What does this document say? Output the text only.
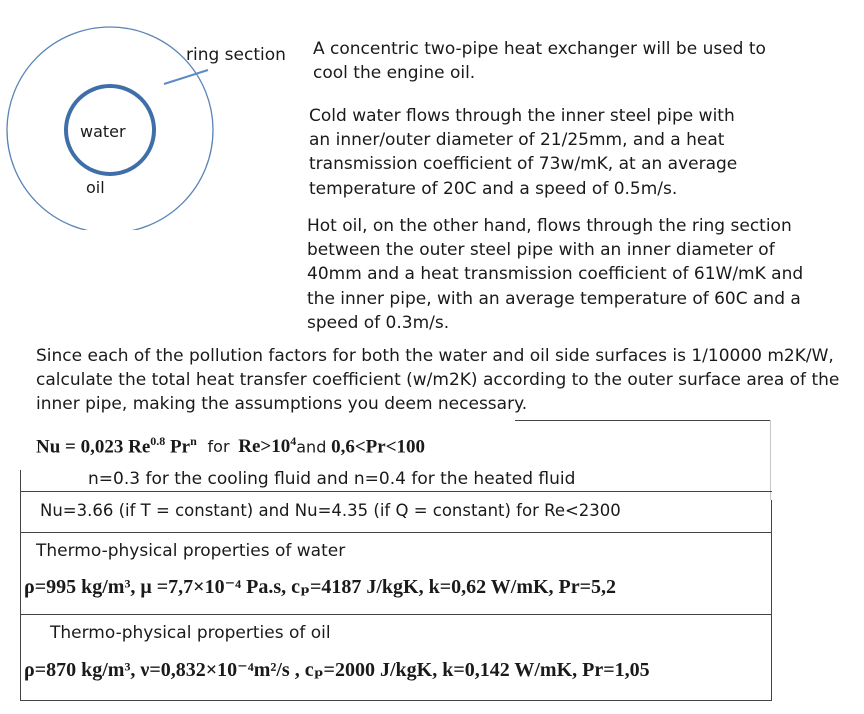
ring section
water
oil
A concentric two-pipe heat exchanger will be used to
cool the engine oil.
Cold water flows through the inner steel pipe with
an inner/outer diameter of 21/25mm, and a heat
transmission coefficient of 73w/mK, at an average
temperature of 20C and a speed of 0.5m/s.
Hot oil, on the other hand, flows through the ring section
between the outer steel pipe with an inner diameter of
40mm and a heat transmission coefficient of 61W/mK and
the inner pipe, with an average temperature of 60C and a
speed of 0.3m/s.
Since each of the pollution factors for both the water and oil side surfaces is 1/10000 m2K/W,
calculate the total heat transfer coefficient (w/m2K) according to the outer surface area of the
inner pipe, making the assumptions you deem necessary.
Nu = 0,023 $Re^{0.8}$ Pr$^n$ for $Re>10^4and$ 0,6<Pr<100
n=0.3 for the cooling fluid and n=0.4 for the heated fluid
Nu=3.66 (if T = constant) and Nu=4.35 (if Q = constant) for Re<2300
Thermo-physical properties of water
ρ=995 kg/m³, μ =7,7×10⁻⁴ Pa.s, cₚ=4187 J/kgK, k=0,62 W/mK, Pr=5,2
Thermo-physical properties of oil
ρ=870 kg/m³, ν=0,832×10⁻⁴m²/s , cₚ=2000 J/kgK, k=0,142 W/mK, Pr=1,05
